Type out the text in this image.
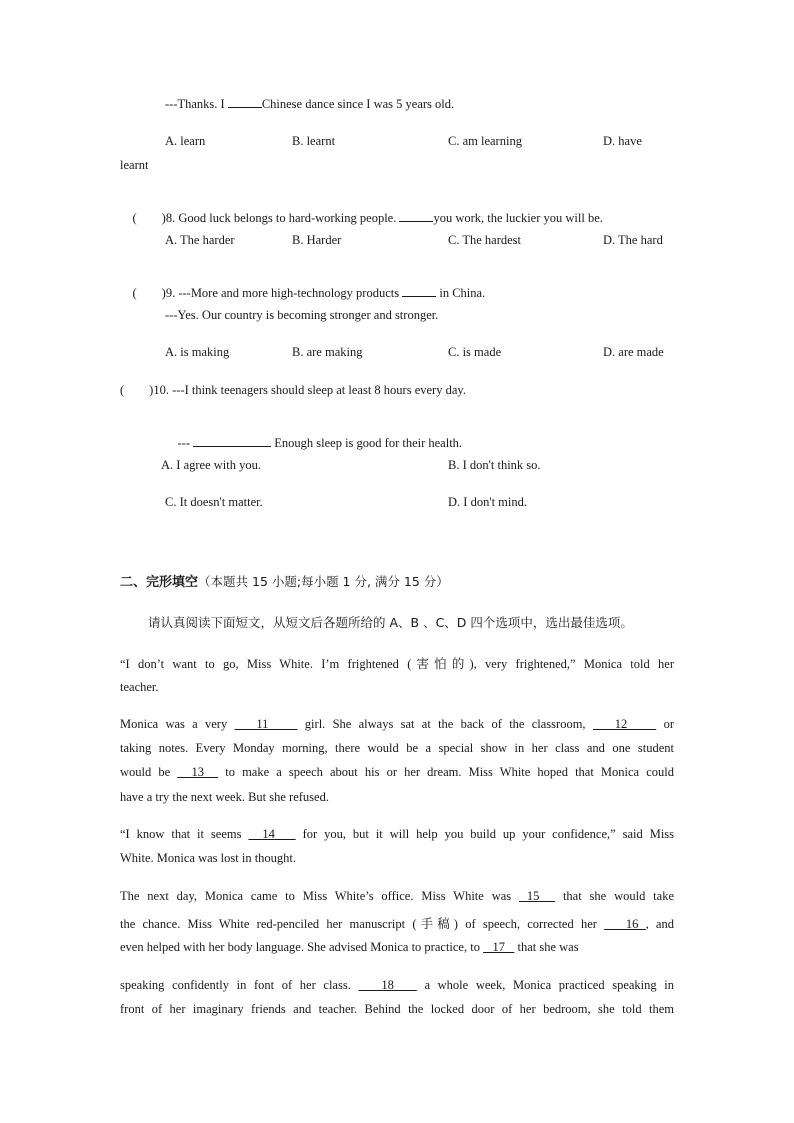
---Thanks. I	Chinese dance since I was 5 years old.
A. learn	B. learnt	C. am learning	D. have
learnt

(        )8. Good luck belongs to hard-working people.	you work, the luckier you will be.

A. The harder	B. Harder	C. The hardest	D. The hard

(        )9. ---More and more high-technology products	in China.

---Yes. Our country is becoming stronger and stronger.
A. is making	B. are making	C. is made	D. are made
(        )10. ---I think teenagers should sleep at least 8 hours every day.

---	Enough sleep is good for their health.

A. I agree with you.	B. I don't think so.
C. It doesn't matter.	D. I don't mind.
二、完形填空（本题共 15 小题;每小题 1 分, 满分 15 分）
请认真阅读下面短文，从短文后各题所给的 A、B 、C、D 四个选项中，选出最佳选项。
“I don’t want to go, Miss White. I’m frightened (害怕的), very frightened,” Monica told her
teacher.
Monica was a very    11     girl. She always sat at the back of the classroom,    12     or
taking notes. Every Monday morning, there would be a special show in her class and one student
would be   13   to make a speech about his or her dream. Miss White hoped that Monica could
have a try the next week. But she refused.
“I know that it seems   14    for you, but it will help you build up your confidence,” said Miss
White. Monica was lost in thought.
The next day, Monica came to Miss White’s office. Miss White was  15   that she would take
the chance. Miss White red-penciled her manuscript (手稿) of speech, corrected her    16 , and
even helped with her body language. She advised Monica to practice, to    17    that she was
speaking confidently in font of her class.    18    a whole week, Monica practiced speaking in
front of her imaginary friends and teacher. Behind the locked door of her bedroom, she told them
